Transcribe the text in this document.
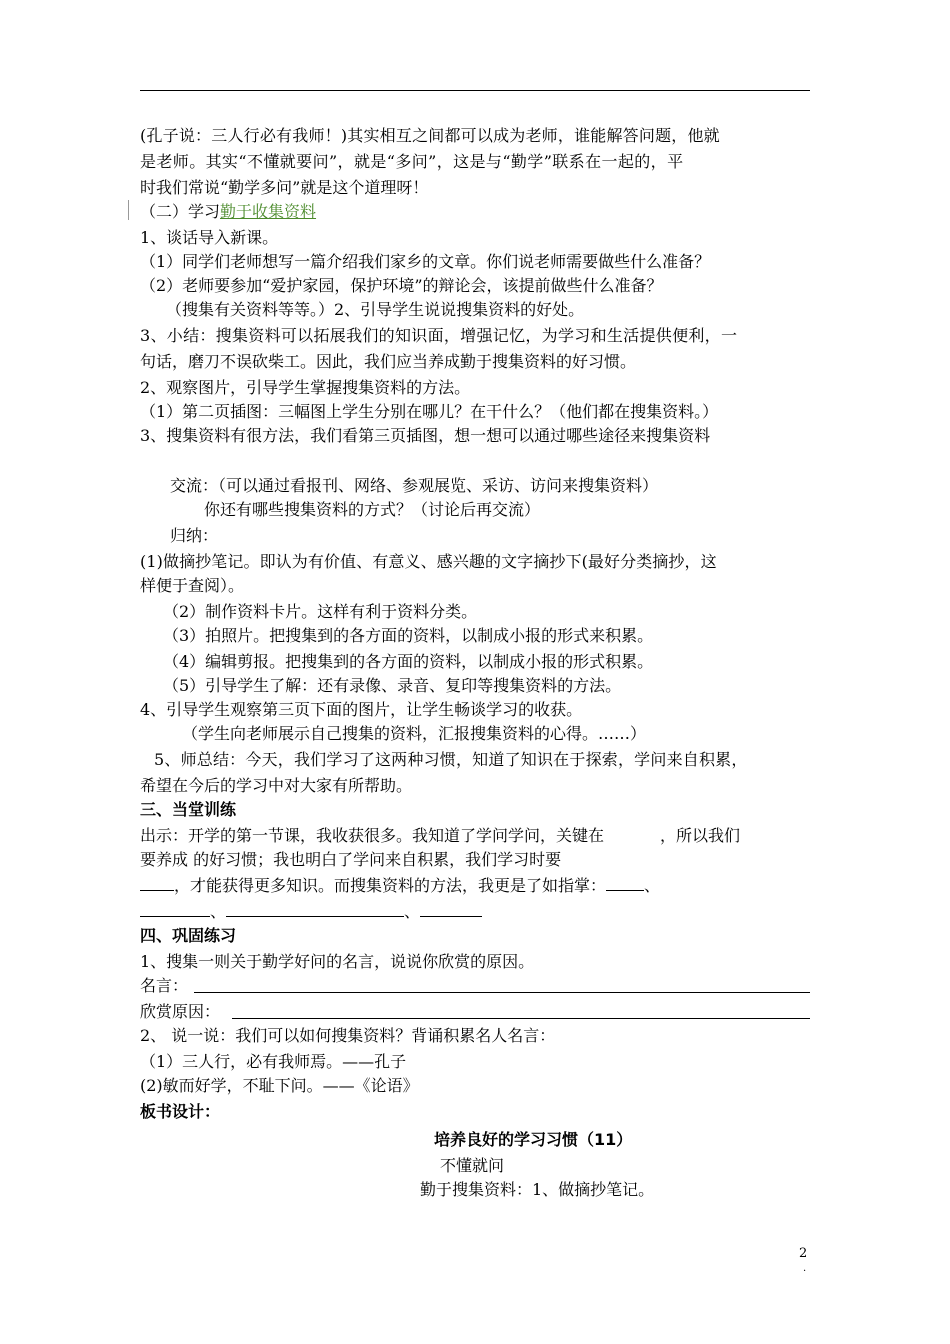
(孔子说：三人行必有我师！)其实相互之间都可以成为老师，谁能解答问题，他就
是老师。其实“不懂就要问”，就是“多问”，这是与“勤学”联系在一起的，平
时我们常说“勤学多问”就是这个道理呀！
（二）学习勤于收集资料
1、谈话导入新课。
（1）同学们老师想写一篇介绍我们家乡的文章。你们说老师需要做些什么准备？
（2）老师要参加“爱护家园，保护环境”的辩论会，该提前做些什么准备？
（搜集有关资料等等。）2、引导学生说说搜集资料的好处。
3、小结：搜集资料可以拓展我们的知识面，增强记忆，为学习和生活提供便利，一
句话，磨刀不误砍柴工。因此，我们应当养成勤于搜集资料的好习惯。
2、观察图片，引导学生掌握搜集资料的方法。
（1）第二页插图：三幅图上学生分别在哪儿？在干什么？（他们都在搜集资料。）
3、搜集资料有很方法，我们看第三页插图，想一想可以通过哪些途径来搜集资料
交流：（可以通过看报刊、网络、参观展览、采访、访问来搜集资料）
你还有哪些搜集资料的方式？（讨论后再交流）
归纳：
(1)做摘抄笔记。即认为有价值、有意义、感兴趣的文字摘抄下(最好分类摘抄，这
样便于查阅）。
（2）制作资料卡片。这样有利于资料分类。
（3）拍照片。把搜集到的各方面的资料，以制成小报的形式来积累。
（4）编辑剪报。把搜集到的各方面的资料，以制成小报的形式积累。
（5）引导学生了解：还有录像、录音、复印等搜集资料的方法。
4、引导学生观察第三页下面的图片，让学生畅谈学习的收获。
（学生向老师展示自己搜集的资料，汇报搜集资料的心得。……）
5、师总结：今天，我们学习了这两种习惯，知道了知识在于探索，学问来自积累，
希望在今后的学习中对大家有所帮助。
三、当堂训练
出示：开学的第一节课，我收获很多。我知道了学问学问，关键在	，所以我们
要养成 的好习惯；我也明白了学问来自积累，我们学习时要
，才能获得更多知识。而搜集资料的方法，我更是了如指掌： 、
、	、
四、巩固练习
1、搜集一则关于勤学好问的名言，说说你欣赏的原因。
名言：
欣赏原因：
2、 说一说：我们可以如何搜集资料？背诵积累名人名言：
（1）三人行，必有我师焉。——孔子
(2)敏而好学，不耻下问。——《论语》
板书设计：
培养良好的学习习惯（11）
不懂就问
勤于搜集资料：1、做摘抄笔记。
2
.
